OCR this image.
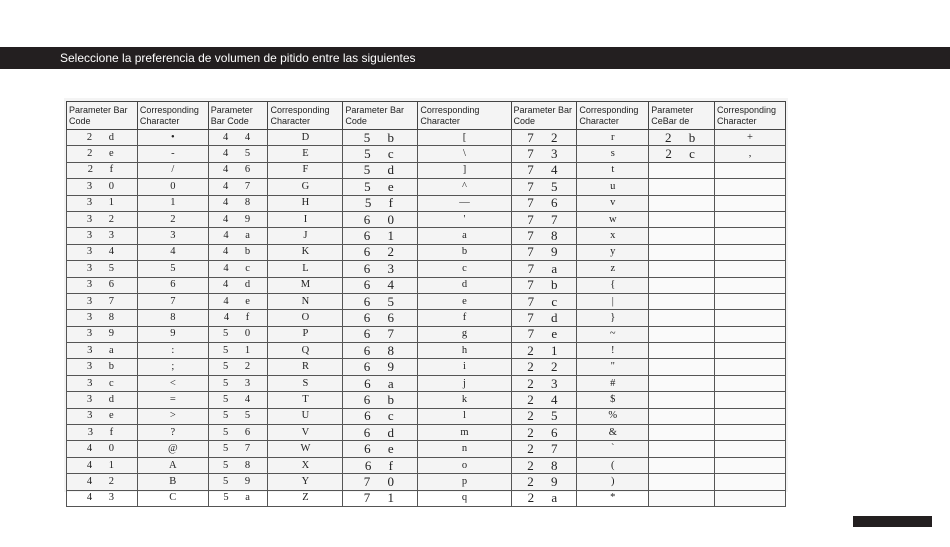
Seleccione la preferencia de volumen de pitido entre las siguientes
Parameter Bar Code	Corresponding Character	Parameter Bar Code	Corresponding Character	Parameter Bar Code	Corresponding Character	Parameter Bar Code	Corresponding Character	Parameter CeBar de	Corresponding Character
2 d	•	4 4	D	5 b	[	7 2	r	2 b	+
2 e	-	4 5	E	5 c	\	7 3	s	2 c	,
2 f	/	4 6	F	5 d	]	7 4	t		
3 0	0	4 7	G	5 e	^	7 5	u		
3 1	1	4 8	H	5 f	—	7 6	v		
3 2	2	4 9	I	6 0	'	7 7	w		
3 3	3	4 a	J	6 1	a	7 8	x		
3 4	4	4 b	K	6 2	b	7 9	y		
3 5	5	4 c	L	6 3	c	7 a	z		
3 6	6	4 d	M	6 4	d	7 b	{		
3 7	7	4 e	N	6 5	e	7 c	|		
3 8	8	4 f	O	6 6	f	7 d	}		
3 9	9	5 0	P	6 7	g	7 e	~		
3 a	:	5 1	Q	6 8	h	2 1	!		
3 b	;	5 2	R	6 9	i	2 2	"		
3 c	<	5 3	S	6 a	j	2 3	#		
3 d	=	5 4	T	6 b	k	2 4	$		
3 e	>	5 5	U	6 c	l	2 5	%		
3 f	?	5 6	V	6 d	m	2 6	&		
4 0	@	5 7	W	6 e	n	2 7	`		
4 1	A	5 8	X	6 f	o	2 8	(		
4 2	B	5 9	Y	7 0	p	2 9	)		
4 3	C	5 a	Z	7 1	q	2 a	*		
